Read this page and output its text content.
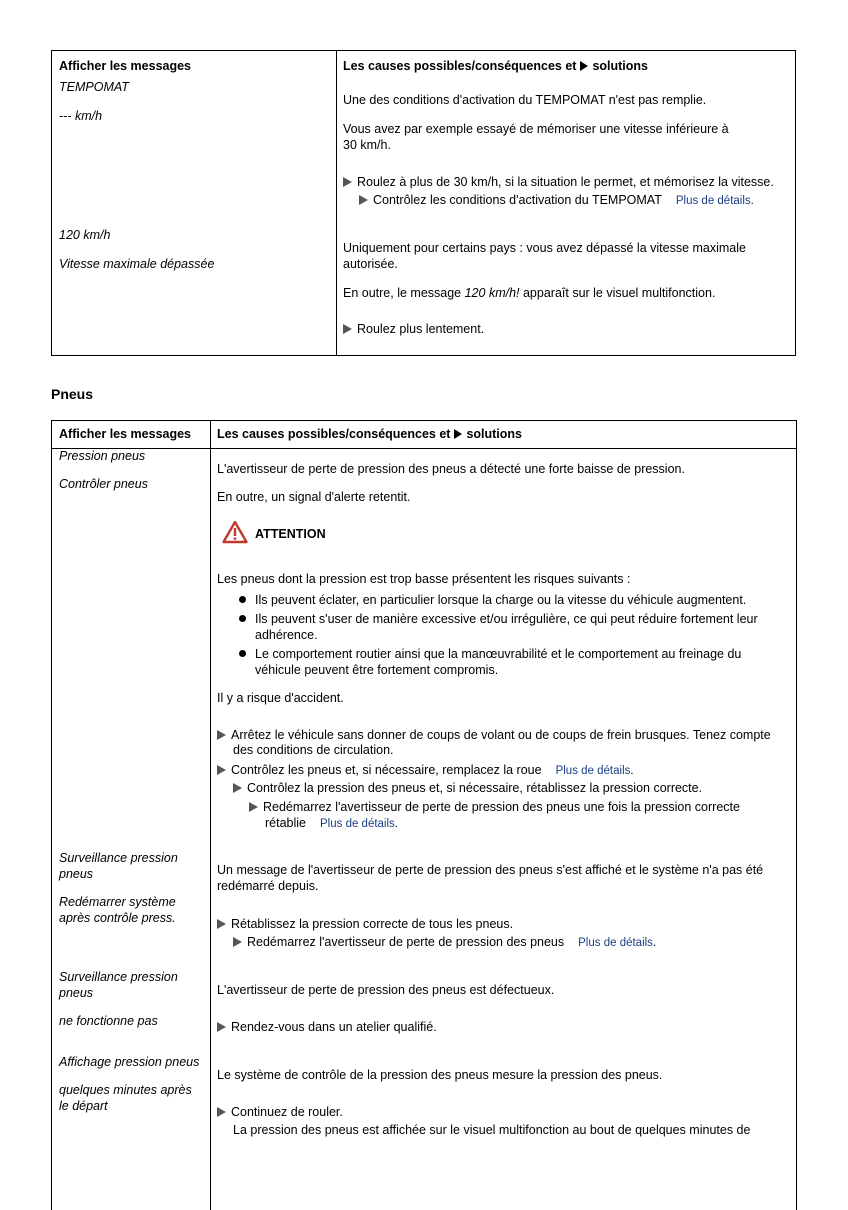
Afficher les messages	Les causes possibles/conséquences et solutions
TEMPOMAT
--- km/h
120 km/h
Vitesse maximale dépassée
Une des conditions d'activation du TEMPOMAT n'est pas remplie.
Vous avez par exemple essayé de mémoriser une vitesse inférieure à
30 km/h.
Roulez à plus de 30 km/h, si la situation le permet, et mémorisez la vitesse.
Contrôlez les conditions d'activation du TEMPOMAT Plus de détails.
Uniquement pour certains pays : vous avez dépassé la vitesse maximale
autorisée.
En outre, le message 120 km/h! apparaît sur le visuel multifonction.
Roulez plus lentement.
Pneus
Afficher les messages Les causes possibles/conséquences et solutions
Pression pneus
Contrôler pneus
L'avertisseur de perte de pression des pneus a détecté une forte baisse de pression.
En outre, un signal d'alerte retentit.
ATTENTION
Les pneus dont la pression est trop basse présentent les risques suivants :
Ils peuvent éclater, en particulier lorsque la charge ou la vitesse du véhicule augmentent.
Ils peuvent s'user de manière excessive et/ou irrégulière, ce qui peut réduire fortement leur
adhérence.
Le comportement routier ainsi que la manœuvrabilité et le comportement au freinage du
véhicule peuvent être fortement compromis.
Il y a risque d'accident.
Arrêtez le véhicule sans donner de coups de volant ou de coups de frein brusques. Tenez compte
des conditions de circulation.
Contrôlez les pneus et, si nécessaire, remplacez la roue Plus de détails.
Contrôlez la pression des pneus et, si nécessaire, rétablissez la pression correcte.
Redémarrez l'avertisseur de perte de pression des pneus une fois la pression correcte
rétablie Plus de détails.
Surveillance pression
pneus
Redémarrer système
après contrôle press.
Un message de l'avertisseur de perte de pression des pneus s'est affiché et le système n'a pas été
redémarré depuis.
Rétablissez la pression correcte de tous les pneus.
Redémarrez l'avertisseur de perte de pression des pneus Plus de détails.
Surveillance pression
pneus
ne fonctionne pas
L'avertisseur de perte de pression des pneus est défectueux.
Rendez-vous dans un atelier qualifié.
Affichage pression pneus
quelques minutes après
le départ
Le système de contrôle de la pression des pneus mesure la pression des pneus.
Continuez de rouler.
La pression des pneus est affichée sur le visuel multifonction au bout de quelques minutes de
